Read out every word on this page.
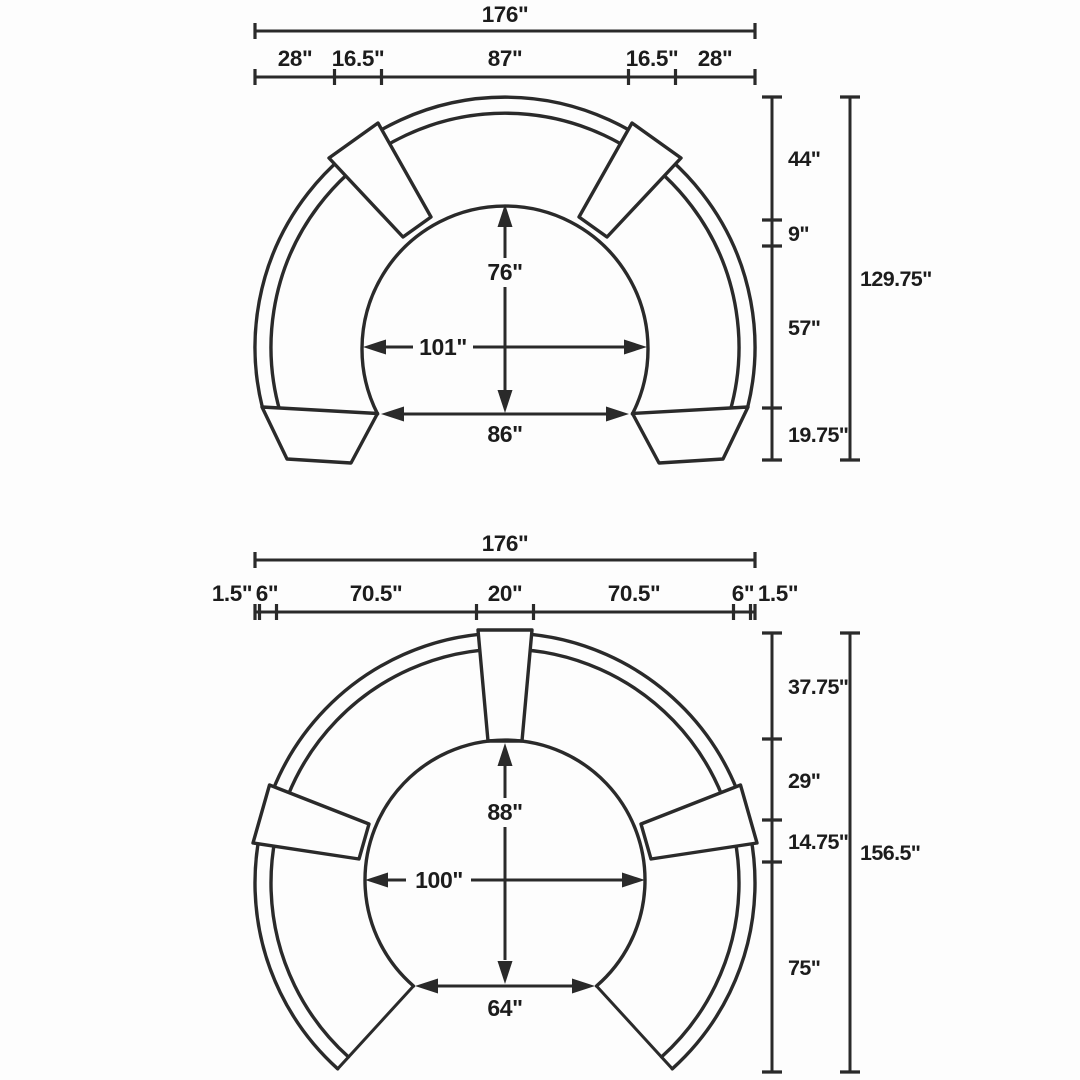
176"
28" 16.5"	87"	16.5" 28"
76"
101"
86"
44"
9"
57"
19.75"
129.75"
176"
1.5" 6"	70.5"	20"	70.5"	6" 1.5"
88"
100"
64"
37.75"
29"
14.75"
75"
156.5"
